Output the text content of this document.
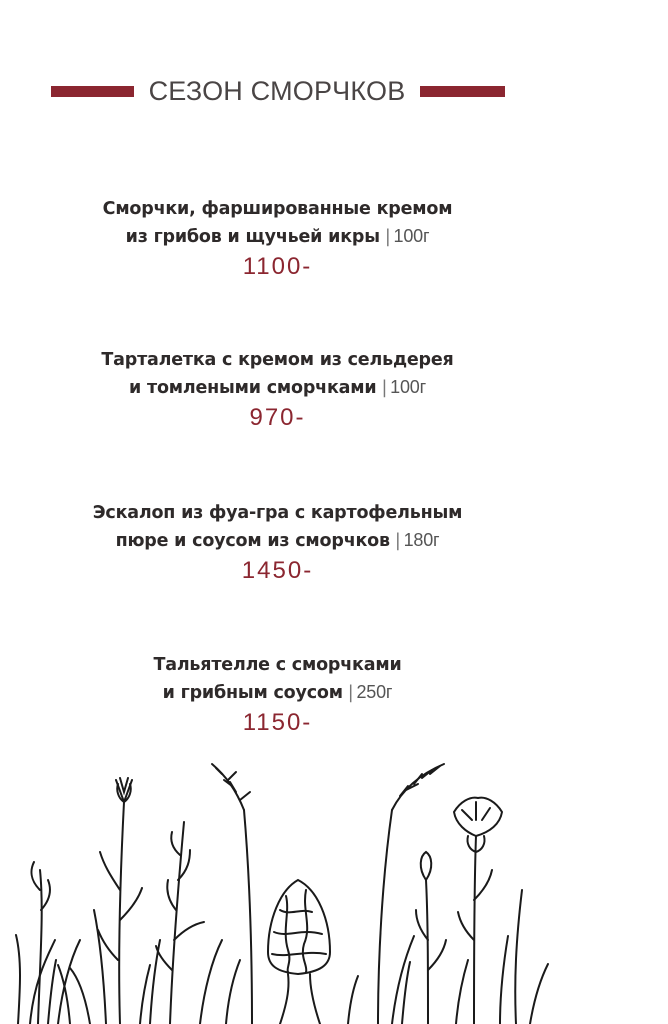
СЕЗОН СМОРЧКОВ
Сморчки, фаршированные кремом
из грибов и щучьей икры | 100г
1100-
Тарталетка с кремом из сельдерея
и томлеными сморчками | 100г
970-
Эскалоп из фуа-гра с картофельным
пюре и соусом из сморчков | 180г
1450-
Тальятелле с сморчками
и грибным соусом | 250г
1150-
